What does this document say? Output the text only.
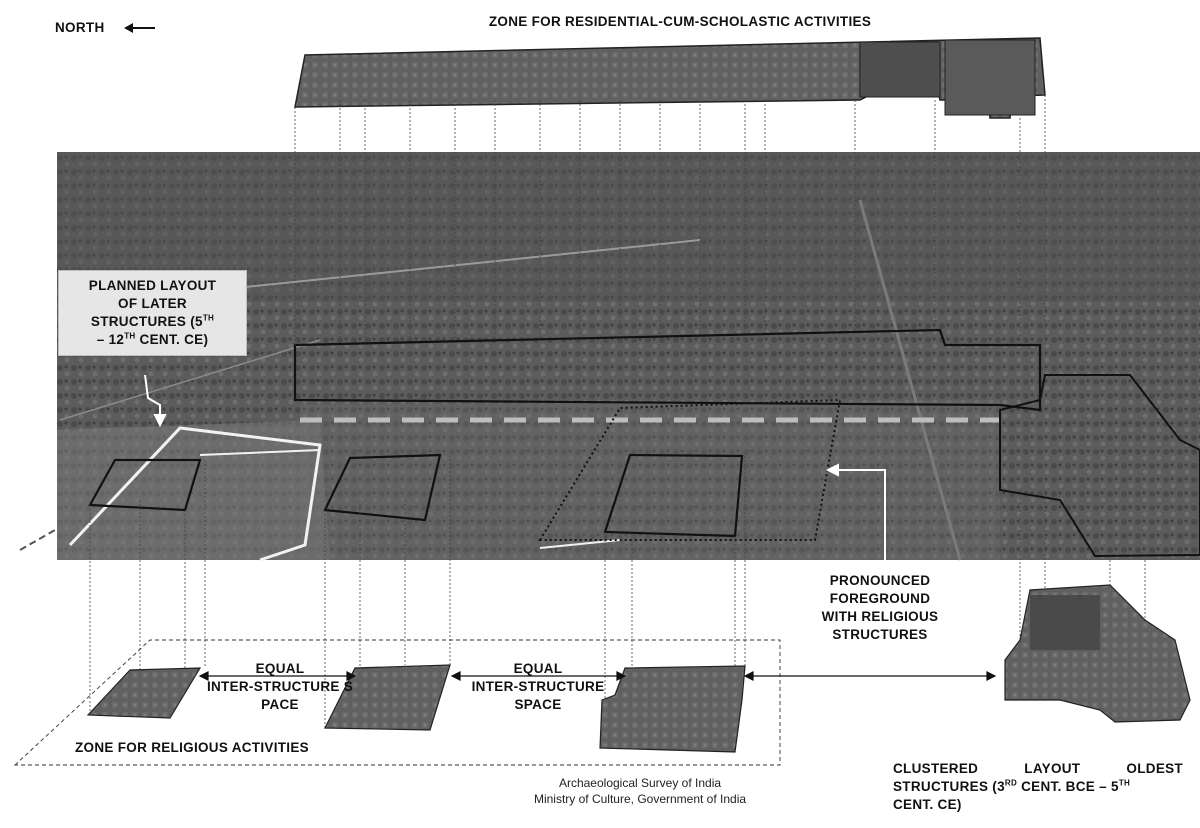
NORTH	ZONE FOR RESIDENTIAL-CUM-SCHOLASTIC ACTIVITIES
PLANNED LAYOUT
OF LATER
STRUCTURES (5TH
– 12TH CENT. CE)
PRONOUNCED
FOREGROUND
WITH RELIGIOUS
STRUCTURES
EQUAL
INTER-STRUCTURE S
PACE
EQUAL
INTER-STRUCTURE
SPACE
ZONE FOR RELIGIOUS ACTIVITIES
Archaeological Survey of India
Ministry of Culture, Government of India
CLUSTERED	LAYOUT	OLDEST
STRUCTURES (3RD CENT. BCE – 5TH
CENT. CE)
